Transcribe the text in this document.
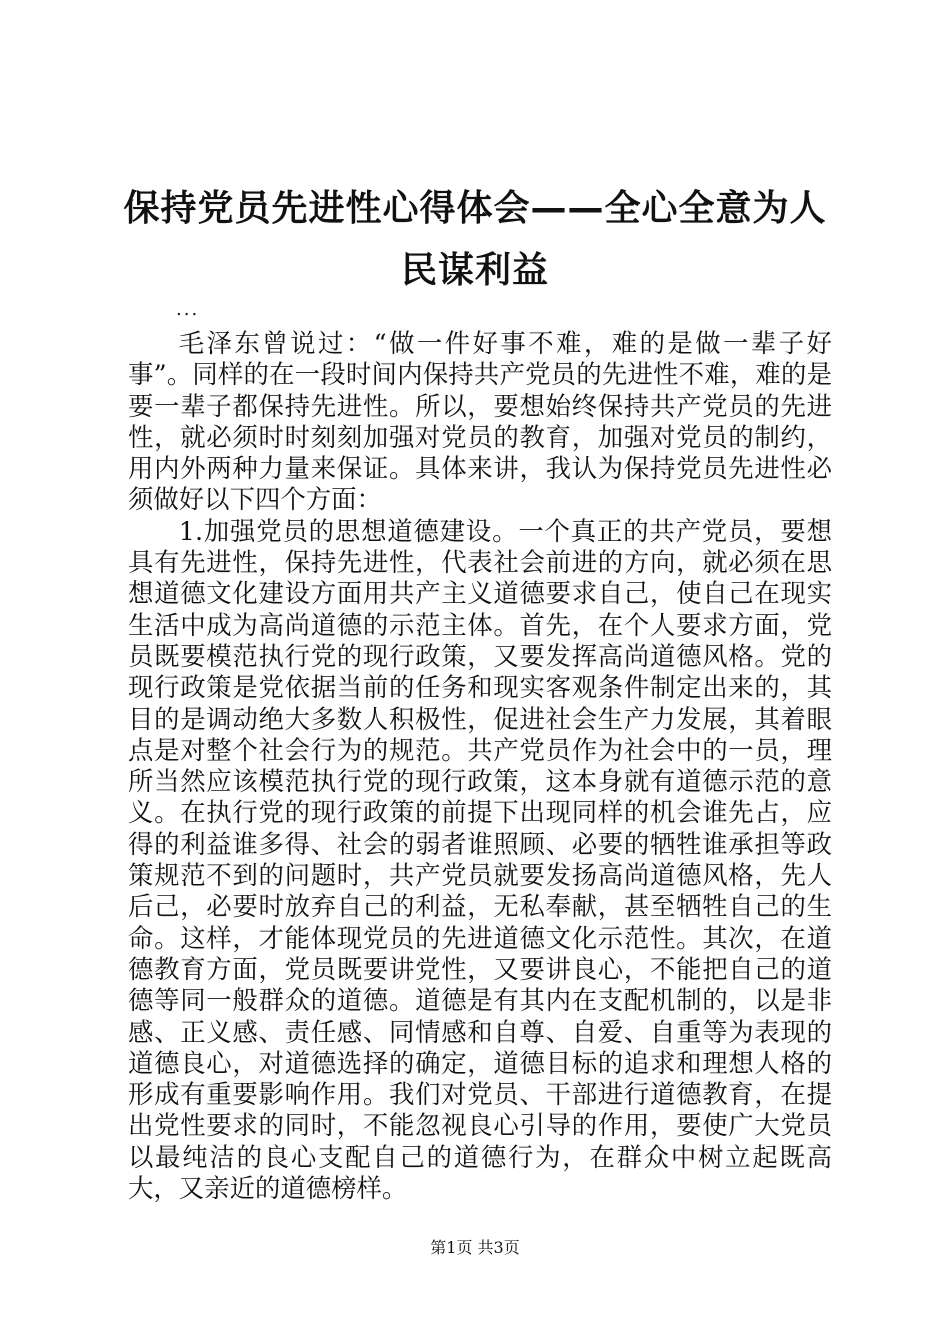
保持党员先进性心得体会——全心全意为人民谋利益
...

毛泽东曾说过：“做一件好事不难，难的是做一辈子好事”。同样的在一段时间内保持共产党员的先进性不难，难的是要一辈子都保持先进性。所以，要想始终保持共产党员的先进性，就必须时时刻刻加强对党员的教育，加强对党员的制约，用内外两种力量来保证。具体来讲，我认为保持党员先进性必须做好以下四个方面：

1.加强党员的思想道德建设。一个真正的共产党员，要想具有先进性，保持先进性，代表社会前进的方向，就必须在思想道德文化建设方面用共产主义道德要求自己，使自己在现实生活中成为高尚道德的示范主体。首先，在个人要求方面，党员既要模范执行党的现行政策，又要发挥高尚道德风格。党的现行政策是党依据当前的任务和现实客观条件制定出来的，其目的是调动绝大多数人积极性，促进社会生产力发展，其着眼点是对整个社会行为的规范。共产党员作为社会中的一员，理所当然应该模范执行党的现行政策，这本身就有道德示范的意义。在执行党的现行政策的前提下出现同样的机会谁先占，应得的利益谁多得、社会的弱者谁照顾、必要的牺牲谁承担等政策规范不到的问题时，共产党员就要发扬高尚道德风格，先人后己，必要时放弃自己的利益，无私奉献，甚至牺牲自己的生命。这样，才能体现党员的先进道德文化示范性。其次，在道德教育方面，党员既要讲党性，又要讲良心，不能把自己的道德等同一般群众的道德。道德是有其内在支配机制的，以是非感、正义感、责任感、同情感和自尊、自爱、自重等为表现的道德良心，对道德选择的确定，道德目标的追求和理想人格的形成有重要影响作用。我们对党员、干部进行道德教育，在提出党性要求的同时，不能忽视良心引导的作用，要使广大党员以最纯洁的良心支配自己的道德行为，在群众中树立起既高大，又亲近的道德榜样。

第1页 共3页
